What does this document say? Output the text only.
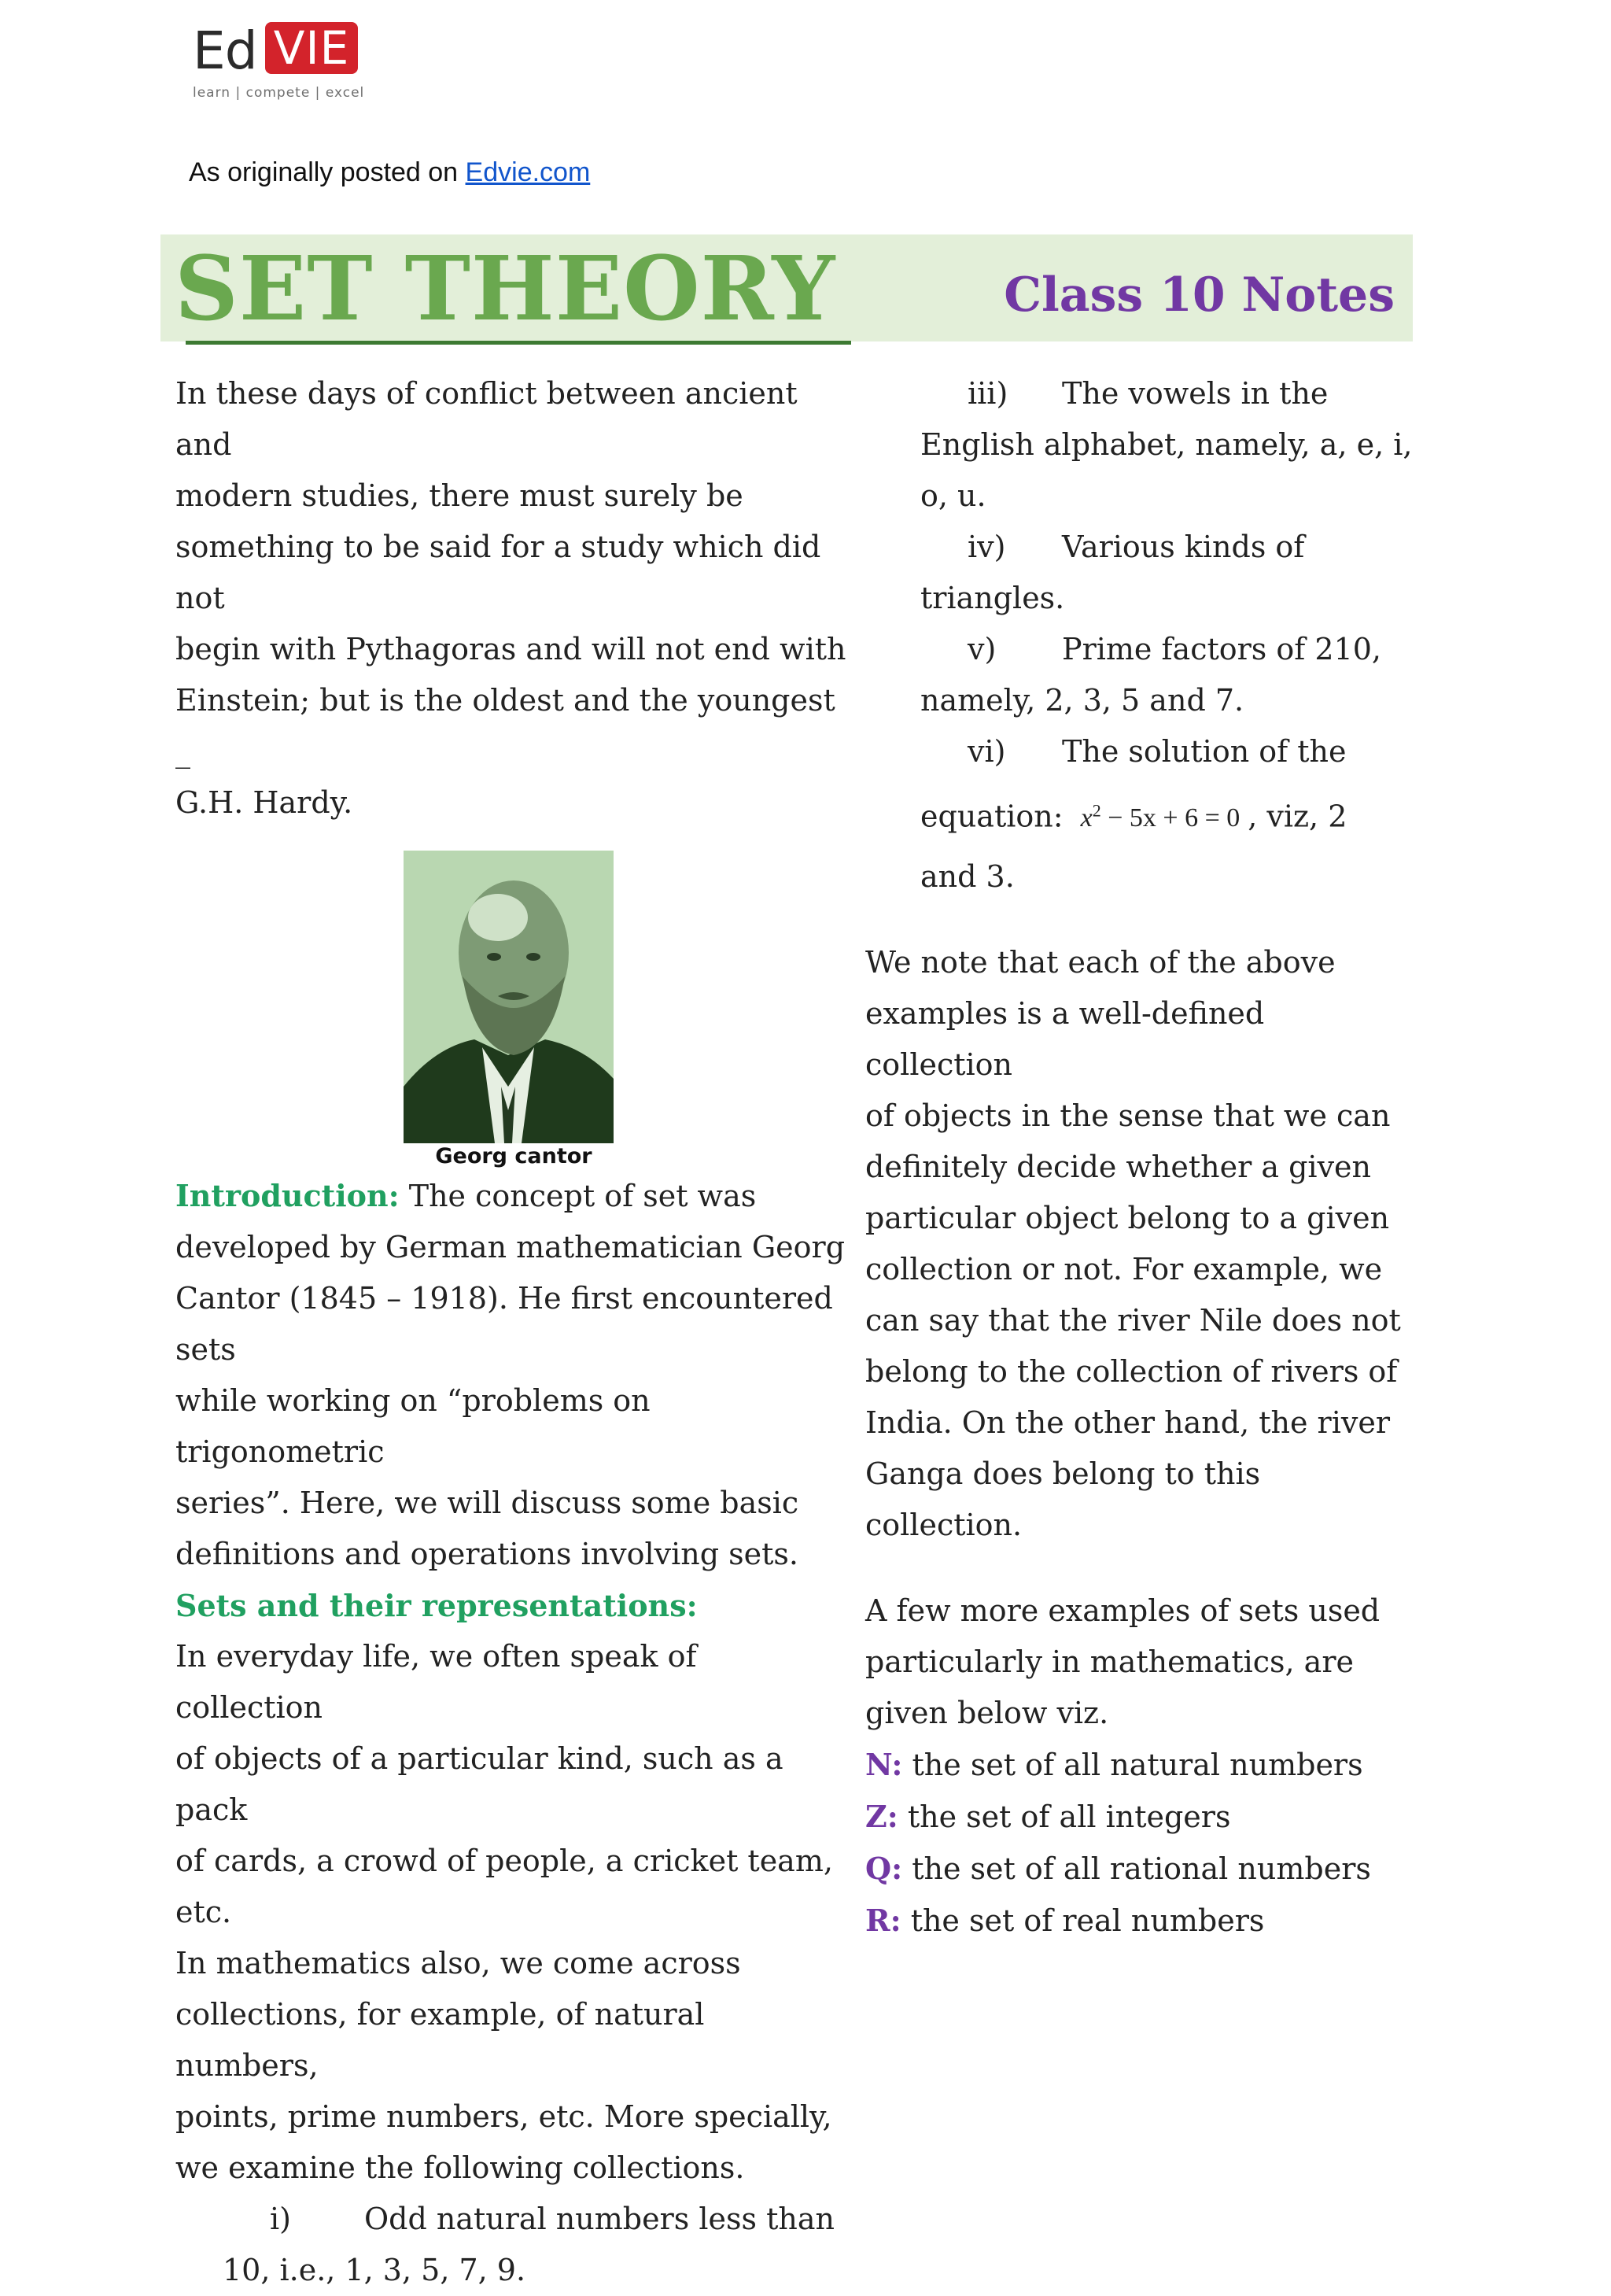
Ed VIE
learn | compete | excel
As originally posted on Edvie.com
SET THEORY	Class 10 Notes

In these days of conflict between ancient and

modern studies, there must surely be

something to be said for a study which did not

begin with Pythagoras and will not end with

Einstein; but is the oldest and the youngest _

G.H. Hardy.

Georg cantor

Introduction: The concept of set was

developed by German mathematician Georg

Cantor (1845 – 1918). He first encountered sets

while working on “problems on trigonometric

series”. Here, we will discuss some basic

definitions and operations involving sets.

Sets and their representations:

In everyday life, we often speak of collection

of objects of a particular kind, such as a pack

of cards, a crowd of people, a cricket team, etc.

In mathematics also, we come across

collections, for example, of natural numbers,

points, prime numbers, etc. More specially,

we examine the following collections.

i) Odd natural numbers less than

10, i.e., 1, 3, 5, 7, 9.

iii) The vowels in the

English alphabet, namely, a, e, i,

o, u.

iv) Various kinds of

triangles.

v) Prime factors of 210,

namely, 2, 3, 5 and 7.

vi) The solution of the

equation: $x^2 - 5x + 6 = 0$ , viz, 2

and 3.

We note that each of the above

examples is a well-defined collection

of objects in the sense that we can

definitely decide whether a given

particular object belong to a given

collection or not. For example, we

can say that the river Nile does not

belong to the collection of rivers of

India. On the other hand, the river

Ganga does belong to this collection.

A few more examples of sets used

particularly in mathematics, are

given below viz.

N: the set of all natural numbers

Z: the set of all integers

Q: the set of all rational numbers

R: the set of real numbers
